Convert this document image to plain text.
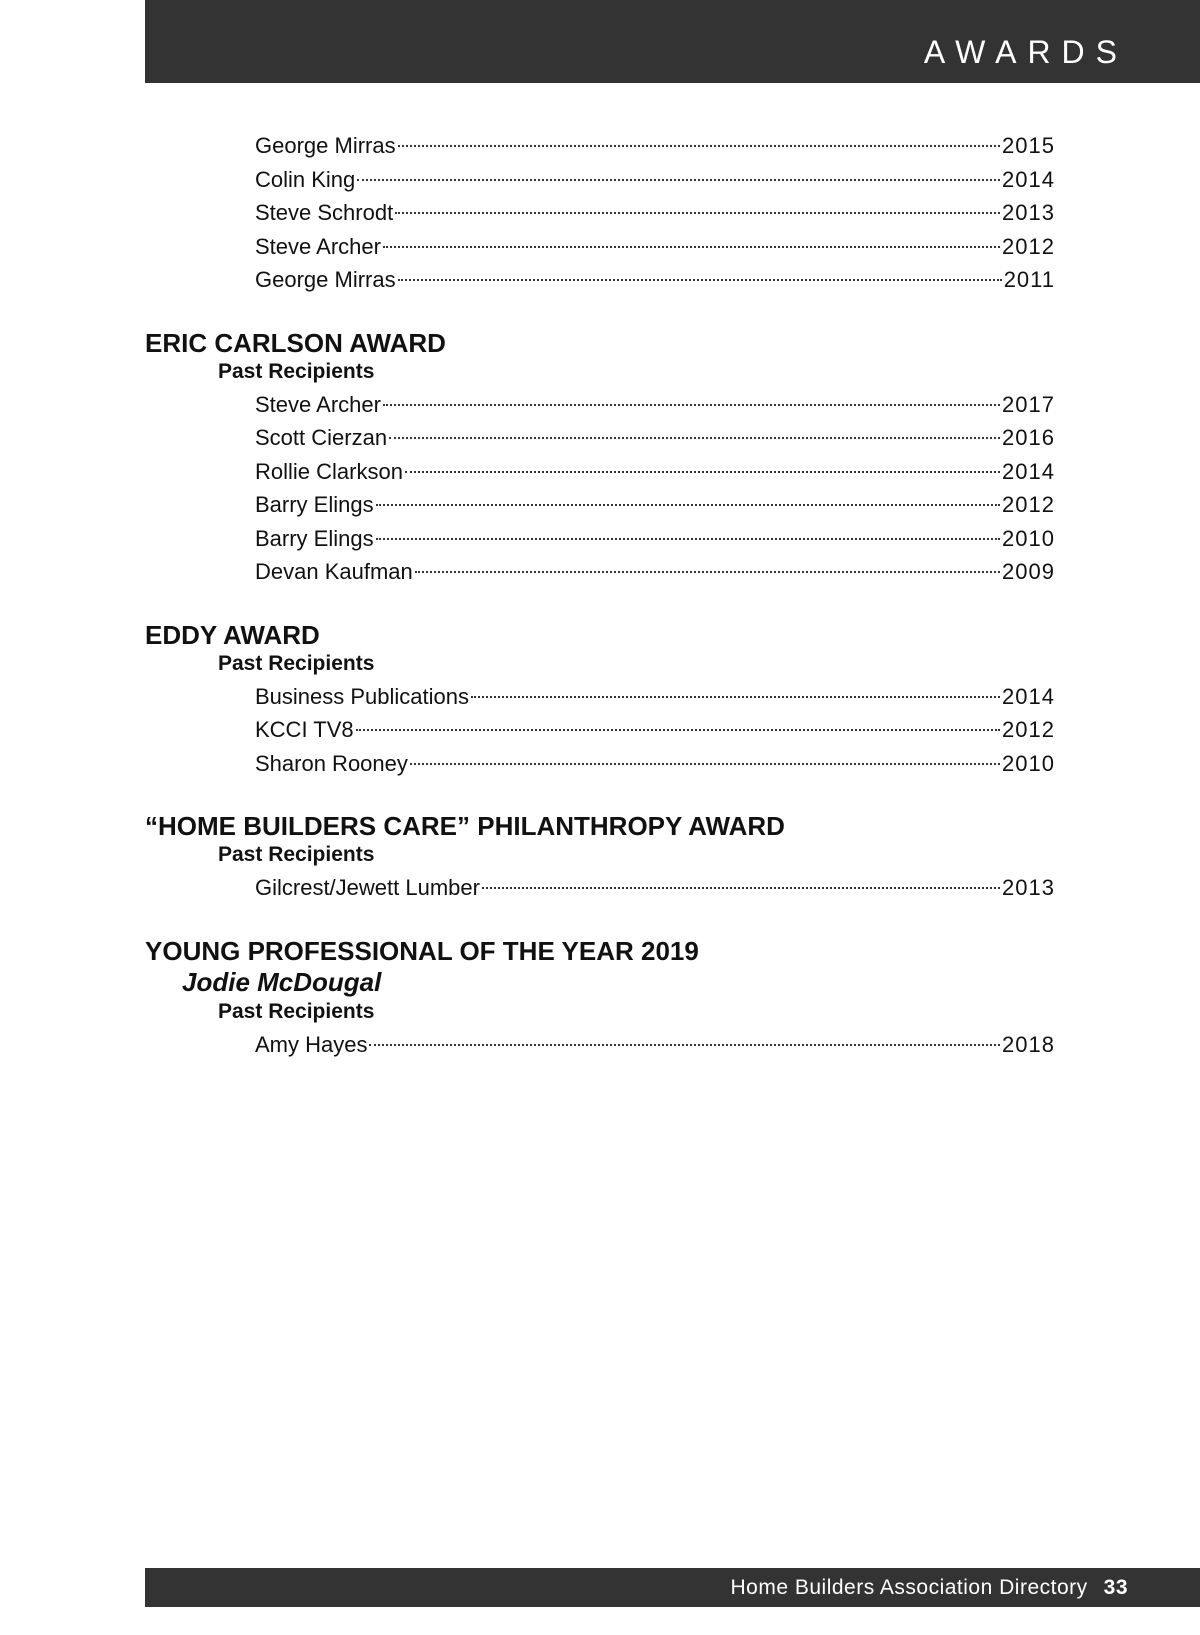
AWARDS
George Mirras	2015
Colin King	2014
Steve Schrodt	2013
Steve Archer	2012
George Mirras	2011
ERIC CARLSON AWARD
Past Recipients
Steve Archer	2017
Scott Cierzan	2016
Rollie Clarkson	2014
Barry Elings	2012
Barry Elings	2010
Devan Kaufman	2009
EDDY AWARD
Past Recipients
Business Publications	2014
KCCI TV8	2012
Sharon Rooney	2010
“HOME BUILDERS CARE” PHILANTHROPY AWARD
Past Recipients
Gilcrest/Jewett Lumber	2013
YOUNG PROFESSIONAL OF THE YEAR 2019
Jodie McDougal
Past Recipients
Amy Hayes	2018
Home Builders Association Directory 33
